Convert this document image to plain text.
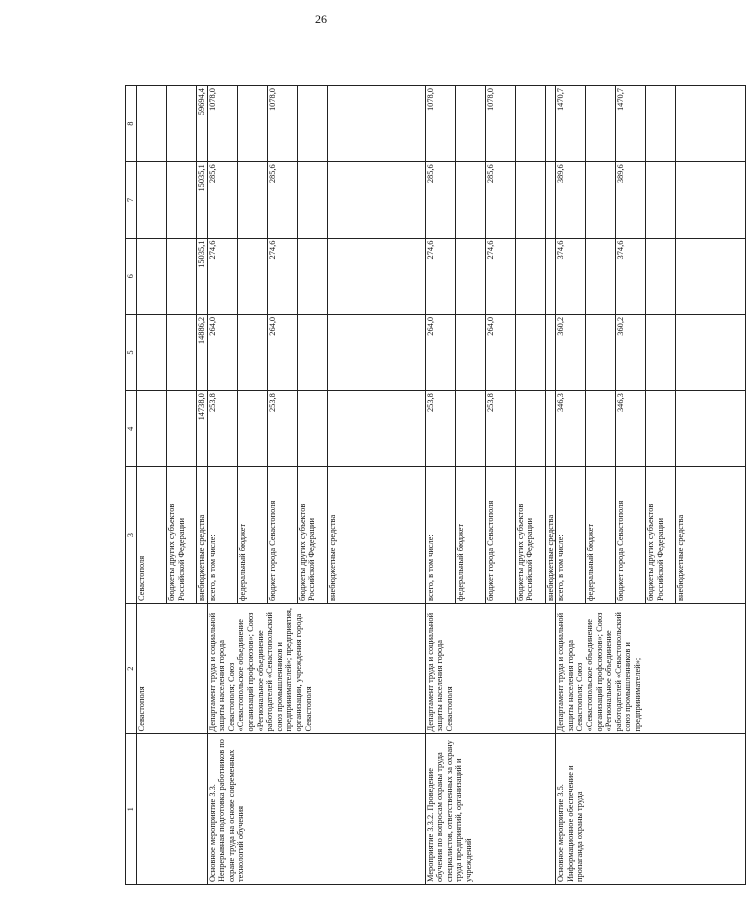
26
1	2	3	4	5	6	7	8
	Севастополя	Севастополя					
		бюджеты других субъектов Российской Федерации					
		внебюджетные средства	14738,0	14886,2	15035,1	15035,1	59694,4
Основное мероприятие 3.3. Непрерывная подготовка работников по охране труда на основе современных технологий обучения	Департамент труда и социальной защиты населения города Севастополя; Союз «Севастопольское объединение организаций профсоюзов»; Союз «Региональное объединение работодателей «Севастопольский союз промышленников и предпринимателей»; предприятия, организации, учреждения города Севастополя	всего, в том числе:	253,8	264,0	274,6	285,6	1078,0
		федеральный бюджет					
		бюджет города Севастополя	253,8	264,0	274,6	285,6	1078,0
		бюджеты других субъектов Российской Федерации					
		внебюджетные средства					
Мероприятие 3.3.2. Проведение обучения по вопросам охраны труда специалистов, ответственных за охрану труда предприятий, организаций и учреждений	Департамент труда и социальной защиты населения города Севастополя	всего, в том числе:	253,8	264,0	274,6	285,6	1078,0
		федеральный бюджет					
		бюджет города Севастополя	253,8	264,0	274,6	285,6	1078,0
		бюджеты других субъектов Российской Федерации					
		внебюджетные средства					
Основное мероприятие 3.5. Информационное обеспечение и пропаганда охраны труда	Департамент труда и социальной защиты населения города Севастополя; Союз «Севастопольское объединение организаций профсоюзов»; Союз «Региональное объединение работодателей «Севастопольский союз промышленников и предпринимателей»;	всего, в том числе:	346,3	360,2	374,6	389,6	1470,7
		федеральный бюджет					
		бюджет города Севастополя	346,3	360,2	374,6	389,6	1470,7
		бюджеты других субъектов Российской Федерации					
		внебюджетные средства					
